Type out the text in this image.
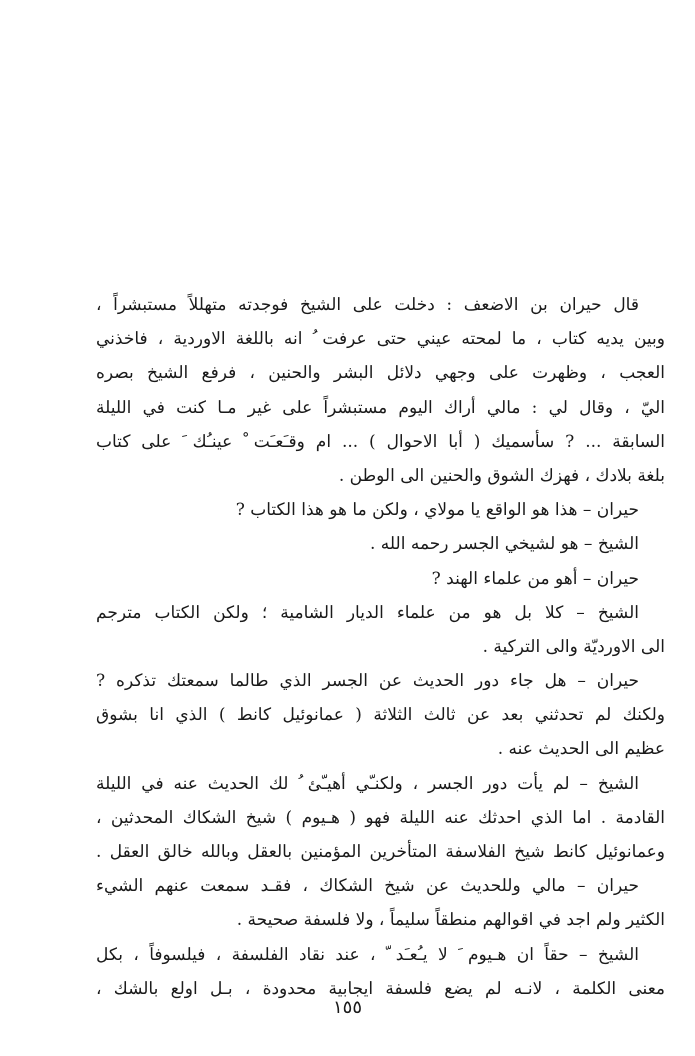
قال حيران بن الاضعف : دخلت على الشيخ فوجدته متهللاً مستبشراً ،
وبين يديه كتاب ، ما لمحته عيني حتى عرفت ُ انه باللغة الاوردية ، فاخذني
العجب ، وظهرت على وجهي دلائل البشر والحنين ، فرفع الشيخ بصره
اليّ ، وقال لي : مالي أراك اليوم مستبشراً على غير مـا كنت في الليلة
السابقة ... ? سأسميك ( أبا الاحوال ) ... ام وقـَعـَت ْ عينـُك َ على كتاب
بلغة بلادك ، فهزك الشوق والحنين الى الوطن .
حيران – هذا هو الواقع يا مولاي ، ولكن ما هو هذا الكتاب ?
الشيخ – هو لشيخي الجسر رحمه الله .
حيران – أهو من علماء الهند ?
الشيخ – كلا بل هو من علماء الديار الشامية ؛ ولكن الكتاب مترجم
الى الاورديّة والى التركية .
حيران – هل جاء دور الحديث عن الجسر الذي طالما سمعتك تذكره ?
ولكنك لم تحدثني بعد عن ثالث الثلاثة ( عمانوئيل كانط ) الذي انا بشوق
عظيم الى الحديث عنه .
الشيخ – لم يأت دور الجسر ، ولكنـّي أهيـّئ ُ لك الحديث عنه في الليلة
القادمة . اما الذي احدثك عنه الليلة فهو ( هـيوم ) شيخ الشكاك المحدثين ،
وعمانوئيل كانط شيخ الفلاسفة المتأخرين المؤمنين بالعقل وبالله خالق العقل .
حيران – مالي وللحديث عن شيخ الشكاك ، فقـد سمعت عنهم الشيء
الكثير ولم اجد في اقوالهم منطقاً سليماً ، ولا فلسفة صحيحة .
الشيخ – حقاً ان هـيوم َ لا يـُعـَد ّ ، عند نقاد الفلسفة ، فيلسوفاً ، بكل
معنى الكلمة ، لانـه لم يضع فلسفة ايجابية محدودة ، بـل اولع بالشك ،
١٥٥
